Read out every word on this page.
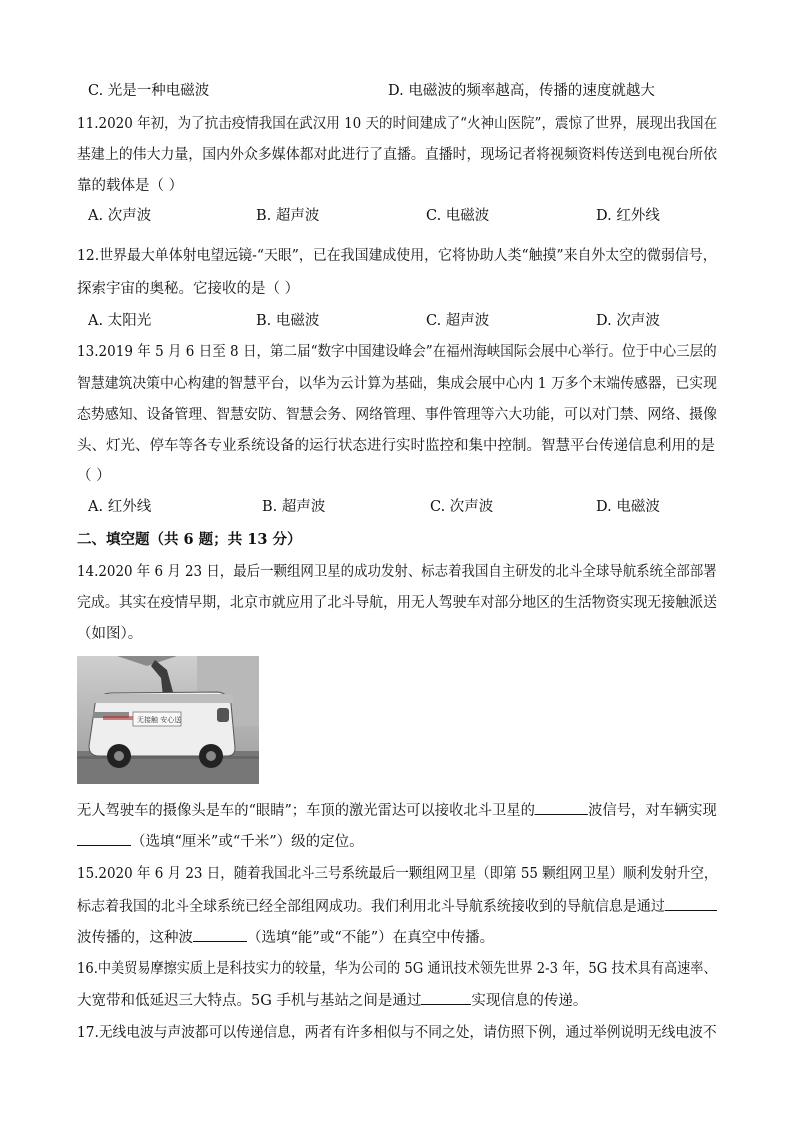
C. 光是一种电磁波	D. 电磁波的频率越高，传播的速度就越大
11.2020 年初，为了抗击疫情我国在武汉用 10 天的时间建成了“火神山医院”，震惊了世界，展现出我国在
基建上的伟大力量，国内外众多媒体都对此进行了直播。直播时，现场记者将视频资料传送到电视台所依
靠的载体是（ ）
A. 次声波	B. 超声波	C. 电磁波	D. 红外线
12.世界最大单体射电望远镜-“天眼”，已在我国建成使用，它将协助人类“触摸”来自外太空的微弱信号，
探索宇宙的奥秘。它接收的是（ ）
A. 太阳光	B. 电磁波	C. 超声波	D. 次声波
13.2019 年 5 月 6 日至 8 日，第二届“数字中国建设峰会”在福州海峡国际会展中心举行。位于中心三层的
智慧建筑决策中心构建的智慧平台，以华为云计算为基础，集成会展中心内 1 万多个末端传感器，已实现
态势感知、设备管理、智慧安防、智慧会务、网络管理、事件管理等六大功能，可以对门禁、网络、摄像
头、灯光、停车等各专业系统设备的运行状态进行实时监控和集中控制。智慧平台传递信息利用的是
（ ）
A. 红外线	B. 超声波	C. 次声波	D. 电磁波
二、填空题（共 6 题；共 13 分）
14.2020 年 6 月 23 日，最后一颗组网卫星的成功发射、标志着我国自主研发的北斗全球导航系统全部部署
完成。其实在疫情早期，北京市就应用了北斗导航，用无人驾驶车对部分地区的生活物资实现无接触派送
（如图）。
无接触 安心送
无人驾驶车的摄像头是车的“眼睛”；车顶的激光雷达可以接收北斗卫星的	波信号，对车辆实现
（选填“厘米”或“千米”）级的定位。
15.2020 年 6 月 23 日，随着我国北斗三号系统最后一颗组网卫星（即第 55 颗组网卫星）顺利发射升空，
标志着我国的北斗全球系统已经全部组网成功。我们利用北斗导航系统接收到的导航信息是通过
波传播的，这种波	（选填“能”或“不能”）在真空中传播。
16.中美贸易摩擦实质上是科技实力的较量，华为公司的 5G 通讯技术领先世界 2-3 年，5G 技术具有高速率、
大宽带和低延迟三大特点。5G 手机与基站之间是通过	实现信息的传递。
17.无线电波与声波都可以传递信息，两者有许多相似与不同之处，请仿照下例，通过举例说明无线电波不
